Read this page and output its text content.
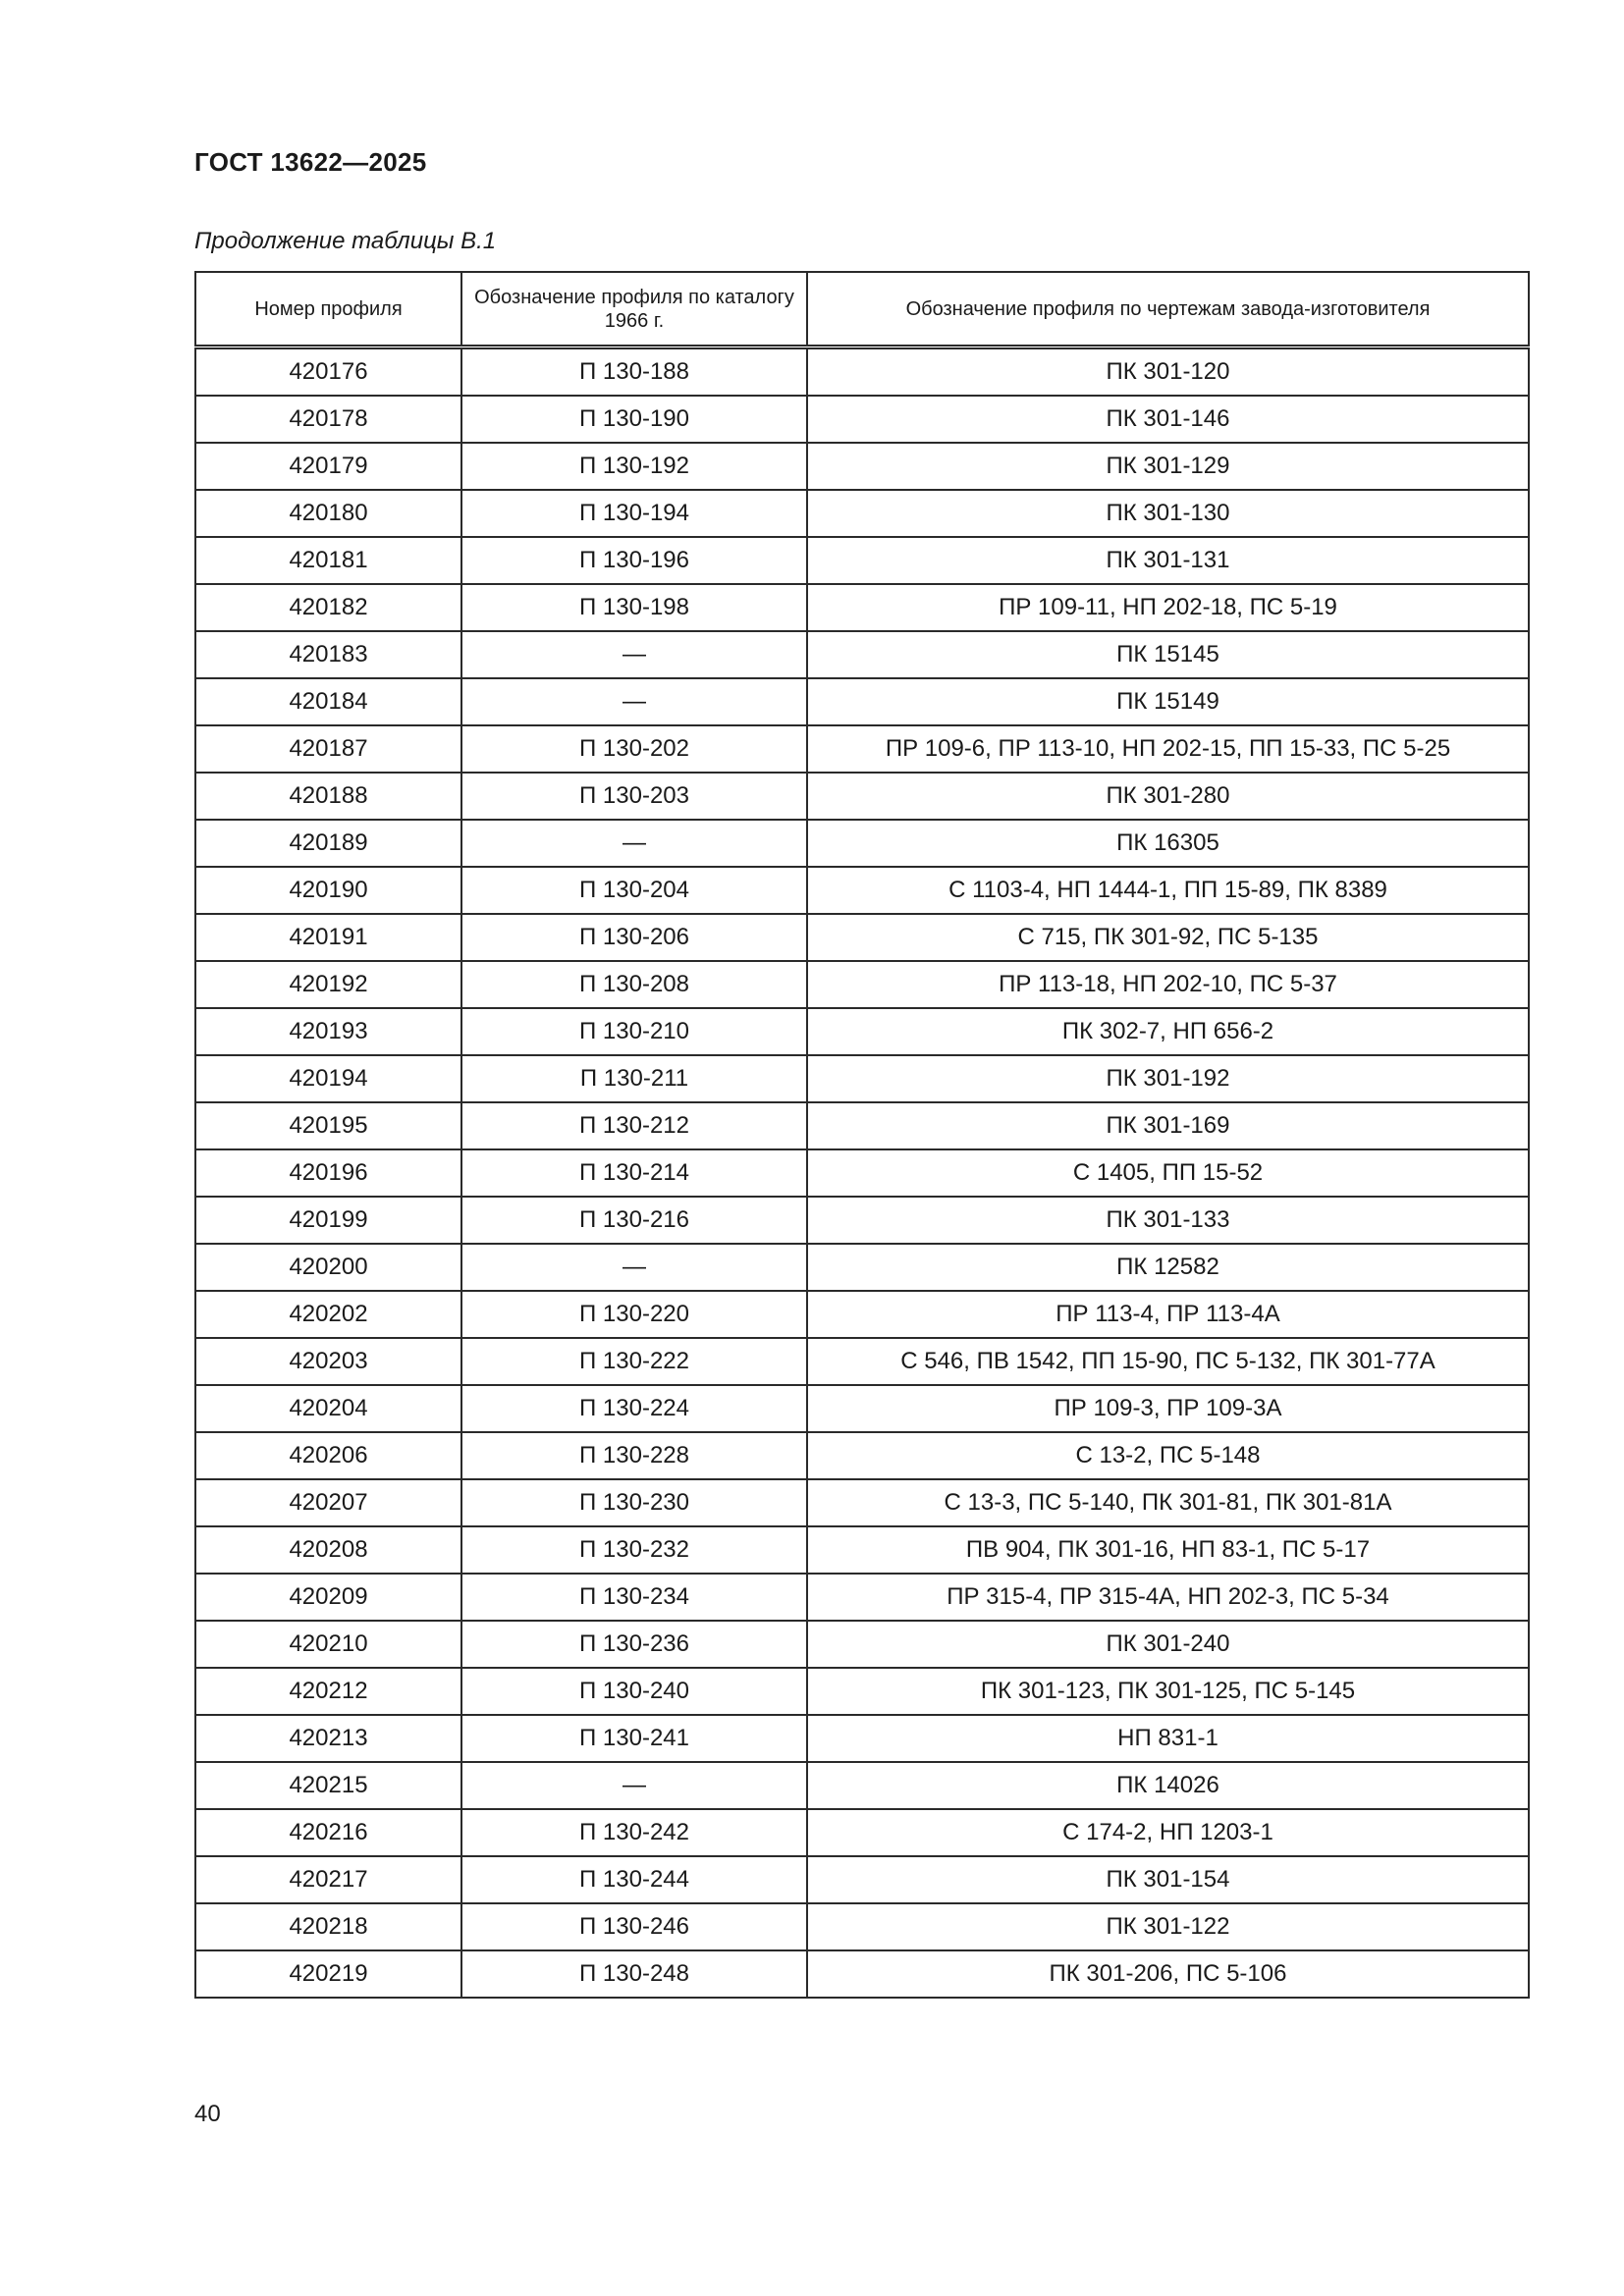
ГОСТ 13622—2025
Продолжение таблицы В.1
Номер профиля	Обозначение профиля по каталогу 1966 г.	Обозначение профиля по чертежам завода-изготовителя
420176	П 130-188	ПК 301-120
420178	П 130-190	ПК 301-146
420179	П 130-192	ПК 301-129
420180	П 130-194	ПК 301-130
420181	П 130-196	ПК 301-131
420182	П 130-198	ПР 109-11, НП 202-18, ПС 5-19
420183	—	ПК 15145
420184	—	ПК 15149
420187	П 130-202	ПР 109-6, ПР 113-10, НП 202-15, ПП 15-33, ПС 5-25
420188	П 130-203	ПК 301-280
420189	—	ПК 16305
420190	П 130-204	С 1103-4, НП 1444-1, ПП 15-89, ПК 8389
420191	П 130-206	С 715, ПК 301-92, ПС 5-135
420192	П 130-208	ПР 113-18, НП 202-10, ПС 5-37
420193	П 130-210	ПК 302-7, НП 656-2
420194	П 130-211	ПК 301-192
420195	П 130-212	ПК 301-169
420196	П 130-214	С 1405, ПП 15-52
420199	П 130-216	ПК 301-133
420200	—	ПК 12582
420202	П 130-220	ПР 113-4, ПР 113-4А
420203	П 130-222	С 546, ПВ 1542, ПП 15-90, ПС 5-132, ПК 301-77А
420204	П 130-224	ПР 109-3, ПР 109-3А
420206	П 130-228	С 13-2, ПС 5-148
420207	П 130-230	С 13-3, ПС 5-140, ПК 301-81, ПК 301-81А
420208	П 130-232	ПВ 904, ПК 301-16, НП 83-1, ПС 5-17
420209	П 130-234	ПР 315-4, ПР 315-4А, НП 202-3, ПС 5-34
420210	П 130-236	ПК 301-240
420212	П 130-240	ПК 301-123, ПК 301-125, ПС 5-145
420213	П 130-241	НП 831-1
420215	—	ПК 14026
420216	П 130-242	С 174-2, НП 1203-1
420217	П 130-244	ПК 301-154
420218	П 130-246	ПК 301-122
420219	П 130-248	ПК 301-206, ПС 5-106
40
